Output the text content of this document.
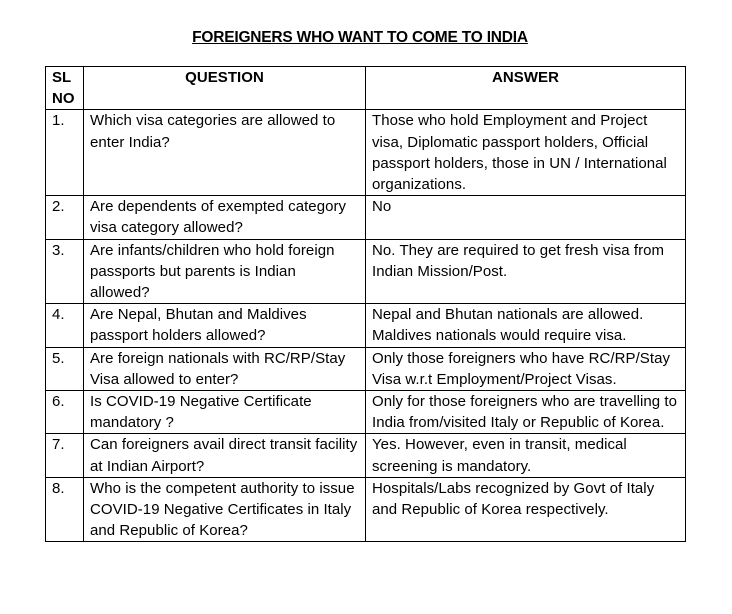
FOREIGNERS WHO WANT TO COME TO INDIA
SL
NO	QUESTION	ANSWER
1.	Which visa categories are allowed to enter India?	Those who hold Employment and Project visa, Diplomatic passport holders, Official passport holders, those in UN / International organizations.
2.	Are dependents of exempted category visa category allowed?	No
3.	Are infants/children who hold foreign passports but parents is Indian allowed?	No. They are required to get fresh visa from Indian Mission/Post.
4.	Are Nepal, Bhutan and Maldives passport holders allowed?	Nepal and Bhutan nationals are allowed. Maldives nationals would require visa.
5.	Are foreign nationals with RC/RP/Stay Visa allowed to enter?	Only those foreigners who have RC/RP/Stay Visa w.r.t Employment/Project Visas.
6.	Is COVID-19 Negative Certificate mandatory ?	Only for those foreigners who are travelling to India from/visited Italy or Republic of Korea.
7.	Can foreigners avail direct transit facility at Indian Airport?	Yes. However, even in transit, medical screening is mandatory.
8.	Who is the competent authority to issue COVID-19 Negative Certificates in Italy and Republic of Korea?	Hospitals/Labs recognized by Govt of Italy and Republic of Korea respectively.
